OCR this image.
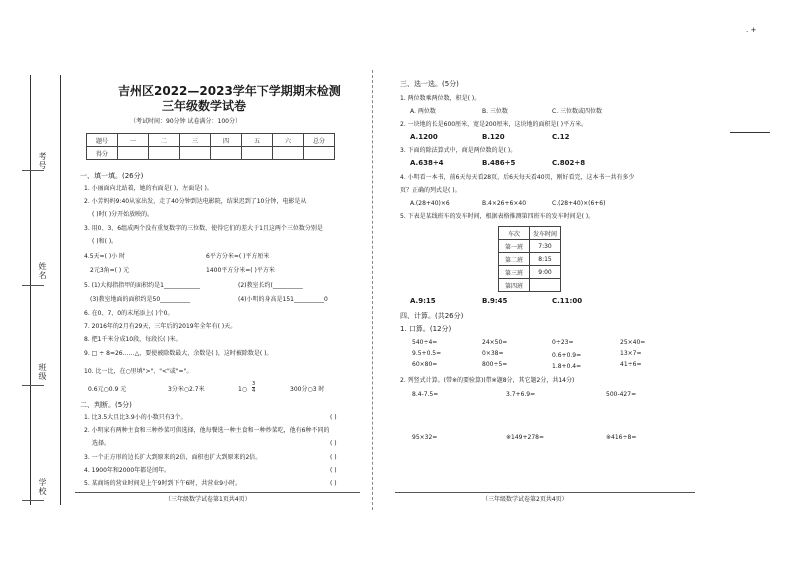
. +
考号
姓名
班级
学校
吉州区2022—2023学年下学期期末检测
三年级数学试卷
（考试时间：90分钟 试卷满分：100分）
题号	一	二	三	四	五	六	总分
得分							
一、填一填。(26分)
1. 小丽面向北站着，她的右面是( )，左面是( )。
2. 小芳妈妈9:40从家出发，走了40分钟到达电影院，结果迟到了10分钟，电影是从
( )时( )分开始放映的。
3. 用0、3、6组成两个没有重复数字的三位数，使得它们的差大于1且这两个三位数分别是
( )和( )。
4.5天=( )小 时	6平方分米=( )平方厘米
2元3角=( ) 元	1400平方分米=( )平方米
5. (1)大拇指指甲的面积约是1____________	(2)教室长约(__________
(3)教室地面的面积约是50__________	(4)小明的身高是151__________0
6. 在0、7、0的末尾添上( )个0。
7. 2016年的2月有29天，三年后的2019年全年有( )天。
8. 把1千米分成10段，每段长( )米。
9. □ ÷ 8=26……△，要使被除数最大，余数是( )，这时被除数是( )。
10. 比一比，在○里填">"、"<"或"="。
0.6元○0.9 元	3分米○2.7米	1○ $\frac{3}{4}$	300分○3 时
二、判断。(5分)
1. 比3.5大且比3.9小的小数只有3个。	( )
2. 小明家有两种主食和三种炒菜可供选择，他每餐选一种主食和一种炒菜吃，他有6种不同的
选择。	( )
3. 一个正方形的边长扩大到原来的2倍，面积也扩大到原来的2倍。	( )
4. 1900年和2000年都是闰年。	( )
5. 某商场的营业时间是上午9时到下午6时，共营业9小时。	( )
（三年级数学试卷第1页共4页）
三、选一选。(5分)
1. 两位数乘两位数，积是( )。
A. 两位数	B. 三位数	C. 三位数或四位数
2. 一块地的长是600厘米，宽是200厘米，这块地的面积是( )平方米。
A.1200	B.120	C.12
3. 下面的除法算式中，商是两位数的是( )。
A.638÷4	B.486÷5	C.802÷8
4. 小明看一本书，前6天每天看28页，后6天每天看40页，刚好看完，这本书一共有多少
页？正确的列式是( )。
A.(28+40)×6	B.4×26+6×40	C.(28+40)×(6+6)
5. 下表是某线班车的发车时间，根据表格推测第四班车的发车时间是( )。
车次	发车时间
第一班	7:30
第二班	8:15
第三班	9:00
第四班	
A.9:15	B.9:45	C.11:00
四、计算。(共26分)
1. 口算。(12分)
540÷4=	24×50=	0÷23=	25×40=
9.5+0.5=	0×38=	0.6+0.9=	13×7=
60×80=	800÷5=	1.8+0.4=	41÷6=
2. 列竖式计算。(带※的要验算)(带※题8分，其它题2分，共14分)
8.4-7.5=	3.7+6.9=	500-427=
95×32=	※149+278=	※416÷8=
（三年级数学试卷第2页共4页）
